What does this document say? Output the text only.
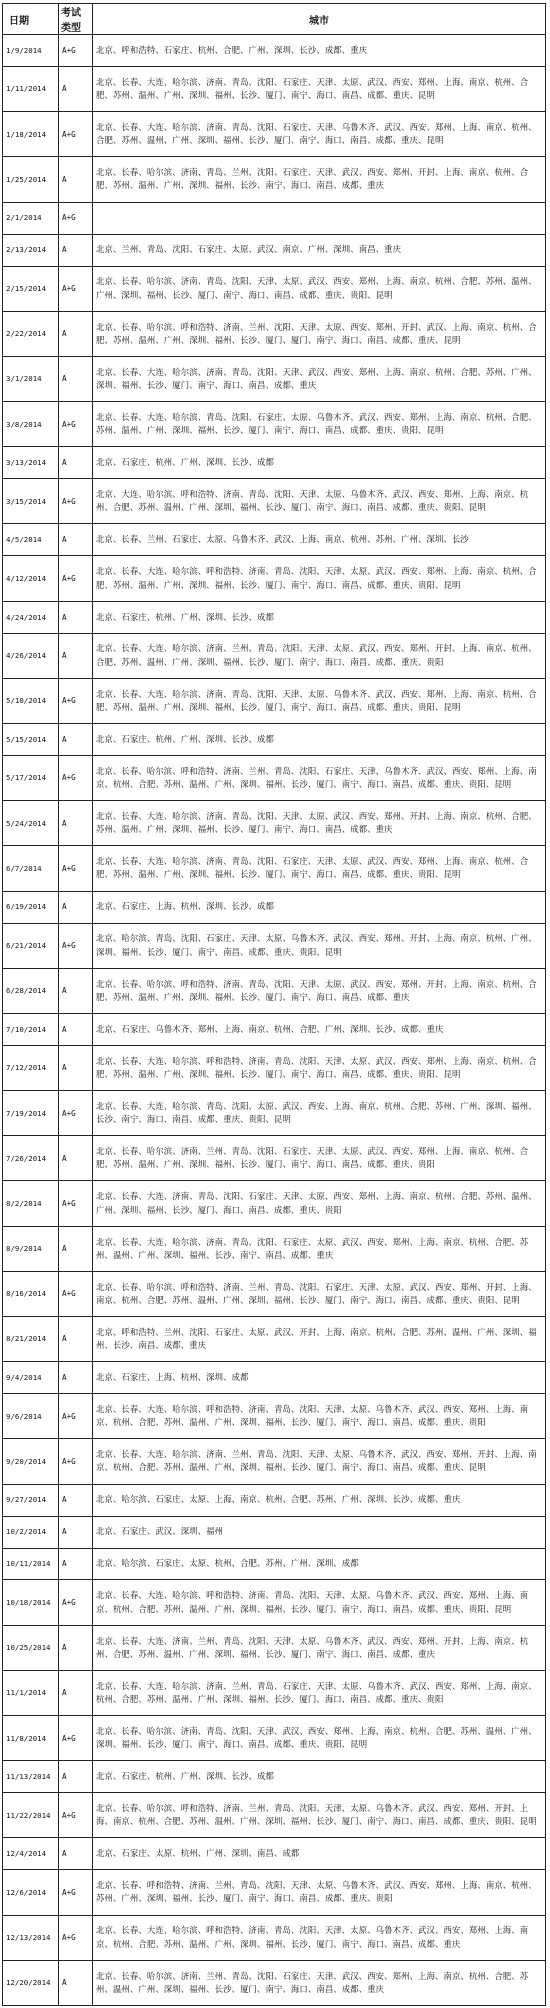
日期	考试类型	城市
1/9/2014	A+G	北京、呼和浩特、石家庄、杭州、合肥、广州、深圳、长沙、成都、重庆
1/11/2014	A	北京、长春、大连、哈尔滨、济南、青岛、沈阳、石家庄、天津、太原、武汉、西安、郑州、上海、南京、杭州、合肥、苏州、温州、广州、深圳、福州、长沙、厦门、南宁、海口、南昌、成都、重庆、昆明
1/18/2014	A+G	北京、长春、大连、哈尔滨、济南、青岛、沈阳、石家庄、天津、乌鲁木齐、武汉、西安、郑州、上海、南京、杭州、合肥、苏州、温州、广州、深圳、福州、长沙、厦门、南宁、海口、南昌、成都、重庆、昆明
1/25/2014	A	北京、长春、哈尔滨、济南、青岛、兰州、沈阳、石家庄、天津、武汉、西安、郑州、开封、上海、南京、杭州、合肥、苏州、温州、广州、深圳、福州、长沙、南宁、海口、南昌、成都、重庆
2/1/2014	A+G	
2/13/2014	A	北京、兰州、青岛、沈阳、石家庄、太原、武汉、南京、广州、深圳、南昌、重庆
2/15/2014	A+G	北京、长春、哈尔滨、济南、青岛、沈阳、天津、太原、武汉、西安、郑州、上海、南京、杭州、合肥、苏州、温州、广州、深圳、福州、长沙、厦门、南宁、海口、南昌、成都、重庆、贵阳、昆明
2/22/2014	A	北京、长春、哈尔滨、呼和浩特、济南、兰州、沈阳、天津、太原、西安、郑州、开封、武汉、上海、南京、杭州、合肥、苏州、温州、广州、深圳、福州、长沙、厦门、厦门、南宁、海口、南昌、成都、重庆、昆明
3/1/2014	A	北京、长春、大连、哈尔滨、济南、青岛、沈阳、天津、武汉、西安、郑州、上海、南京、杭州、合肥、苏州、广州、深圳、福州、长沙、厦门、南宁、海口、南昌、成都、重庆
3/8/2014	A+G	北京、长春、大连、哈尔滨、青岛、沈阳、石家庄、太原、乌鲁木齐、武汉、西安、郑州、上海、南京、杭州、合肥、苏州、温州、广州、深圳、福州、长沙、厦门、南宁、海口、南昌、成都、重庆、贵阳、昆明
3/13/2014	A	北京、石家庄、杭州、广州、深圳、长沙、成都
3/15/2014	A+G	北京、大连、哈尔滨、呼和浩特、济南、青岛、沈阳、天津、太原、乌鲁木齐、武汉、西安、郑州、上海、南京、杭州、合肥、苏州、温州、广州、深圳、福州、长沙、厦门、南宁、海口、南昌、成都、重庆、贵阳、昆明
4/5/2014	A	北京、长春、兰州、石家庄、太原、乌鲁木齐、武汉、上海、南京、杭州、苏州、广州、深圳、长沙
4/12/2014	A+G	北京、长春、大连、哈尔滨、呼和浩特、济南、青岛、沈阳、天津、太原、武汉、西安、郑州、上海、南京、杭州、合肥、苏州、温州、广州、深圳、福州、长沙、厦门、南宁、海口、南昌、成都、重庆、贵阳、昆明
4/24/2014	A	北京、石家庄、杭州、广州、深圳、长沙、成都
4/26/2014	A	北京、长春、大连、哈尔滨、济南、兰州、青岛、沈阳、天津、太原、武汉、西安、郑州、开封、上海、南京、杭州、合肥、苏州、温州、广州、深圳、福州、长沙、厦门、南宁、海口、南昌、成都、重庆、贵阳
5/10/2014	A+G	北京、长春、大连、哈尔滨、济南、青岛、沈阳、天津、太原、乌鲁木齐、武汉、西安、郑州、上海、南京、杭州、合肥、苏州、温州、广州、深圳、福州、长沙、厦门、南宁、海口、南昌、成都、重庆、贵阳、昆明
5/15/2014	A	北京、石家庄、杭州、广州、深圳、长沙、成都
5/17/2014	A+G	北京、长春、哈尔滨、呼和浩特、济南、兰州、青岛、沈阳、石家庄、天津、乌鲁木齐、武汉、西安、郑州、上海、南京、杭州、合肥、苏州、温州、广州、深圳、福州、长沙、厦门、南宁、海口、南昌、成都、重庆、贵阳、昆明
5/24/2014	A	北京、长春、大连、哈尔滨、济南、青岛、沈阳、天津、太原、武汉、西安、郑州、开封、上海、南京、杭州、合肥、苏州、温州、广州、深圳、福州、长沙、厦门、南宁、海口、南昌、成都、重庆
6/7/2014	A+G	北京、长春、大连、哈尔滨、济南、青岛、沈阳、石家庄、天津、太原、武汉、西安、郑州、上海、南京、杭州、合肥、苏州、温州、广州、深圳、福州、长沙、厦门、南宁、海口、南昌、成都、重庆、贵阳、昆明
6/19/2014	A	北京、石家庄、上海、杭州、深圳、长沙、成都
6/21/2014	A+G	北京、哈尔滨、青岛、沈阳、石家庄、天津、太原、乌鲁木齐、武汉、西安、郑州、开封、上海、南京、杭州、广州、深圳、福州、长沙、厦门、南宁、南昌、成都、重庆、贵阳、昆明
6/28/2014	A	北京、长春、哈尔滨、呼和浩特、济南、青岛、沈阳、天津、太原、武汉、西安、郑州、开封、上海、南京、杭州、合肥、苏州、温州、广州、深圳、福州、长沙、厦门、南宁、海口、南昌、成都、重庆
7/10/2014	A	北京、石家庄、乌鲁木齐、郑州、上海、南京、杭州、合肥、广州、深圳、长沙、成都、重庆
7/12/2014	A	北京、长春、大连、哈尔滨、呼和浩特、济南、青岛、沈阳、天津、太原、武汉、西安、郑州、上海、南京、杭州、合肥、苏州、温州、广州、深圳、福州、长沙、厦门、南宁、海口、南昌、成都、重庆、贵阳、昆明
7/19/2014	A+G	北京、长春、大连、哈尔滨、青岛、沈阳、太原、武汉、西安、上海、南京、杭州、合肥、苏州、广州、深圳、福州、长沙、南宁、海口、南昌、成都、重庆、贵阳、昆明
7/26/2014	A	北京、长春、哈尔滨、济南、兰州、青岛、沈阳、石家庄、天津、太原、武汉、西安、郑州、上海、南京、杭州、合肥、苏州、温州、广州、深圳、福州、长沙、厦门、南宁、海口、南昌、成都、重庆、贵阳
8/2/2014	A+G	北京、长春、大连、济南、青岛、沈阳、石家庄、天津、太原、西安、郑州、上海、南京、杭州、合肥、苏州、温州、广州、深圳、福州、长沙、厦门、海口、南昌、成都、重庆、贵阳
8/9/2014	A	北京、长春、大连、哈尔滨、济南、青岛、沈阳、石家庄、太原、武汉、西安、郑州、上海、南京、杭州、合肥、苏州、温州、广州、深圳、福州、长沙、南宁、南昌、成都、重庆
8/16/2014	A+G	北京、长春、哈尔滨、呼和浩特、济南、兰州、青岛、沈阳、石家庄、天津、太原、武汉、西安、郑州、开封、上海、南京、杭州、合肥、苏州、温州、广州、深圳、福州、长沙、厦门、南宁、海口、南昌、成都、重庆、贵阳、昆明
8/21/2014	A	北京、呼和浩特、兰州、沈阳、石家庄、太原、武汉、开封、上海、南京、杭州、合肥、苏州、温州、广州、深圳、福州、长沙、南昌、成都、重庆
9/4/2014	A	北京、石家庄、上海、杭州、深圳、成都
9/6/2014	A+G	北京、长春、大连、哈尔滨、呼和浩特、济南、青岛、沈阳、天津、太原、乌鲁木齐、武汉、西安、郑州、上海、南京、杭州、合肥、苏州、温州、广州、深圳、福州、长沙、厦门、南宁、海口、南昌、成都、重庆、贵阳
9/20/2014	A+G	北京、长春、大连、哈尔滨、济南、兰州、青岛、沈阳、天津、太原、乌鲁木齐、武汉、西安、郑州、开封、上海、南京、杭州、合肥、苏州、温州、广州、深圳、福州、长沙、厦门、南宁、海口、南昌、成都、重庆、昆明
9/27/2014	A	北京、哈尔滨、石家庄、太原、上海、南京、杭州、合肥、苏州、广州、深圳、长沙、成都、重庆
10/2/2014	A	北京、石家庄、武汉、深圳、福州
10/11/2014	A	北京、哈尔滨、石家庄、太原、杭州、合肥、苏州、广州、深圳、成都
10/18/2014	A+G	北京、长春、大连、哈尔滨、呼和浩特、济南、青岛、沈阳、天津、太原、乌鲁木齐、武汉、西安、郑州、上海、南京、杭州、合肥、苏州、温州、广州、深圳、福州、长沙、厦门、南宁、海口、南昌、成都、重庆、贵阳、昆明
10/25/2014	A	北京、长春、大连、济南、兰州、青岛、沈阳、天津、太原、乌鲁木齐、武汉、西安、郑州、开封、上海、南京、杭州、合肥、苏州、温州、广州、深圳、福州、长沙、厦门、南宁、海口、南昌、成都、重庆
11/1/2014	A	北京、长春、大连、哈尔滨、济南、兰州、青岛、石家庄、天津、太原、乌鲁木齐、武汉、西安、郑州、上海、南京、杭州、合肥、苏州、温州、广州、深圳、福州、长沙、厦门、海口、南昌、成都、重庆、贵阳
11/8/2014	A+G	北京、长春、哈尔滨、济南、青岛、沈阳、天津、武汉、西安、郑州、上海、南京、杭州、合肥、苏州、温州、广州、深圳、福州、长沙、厦门、南宁、海口、南昌、成都、重庆、贵阳、昆明
11/13/2014	A	北京、石家庄、杭州、广州、深圳、长沙、成都
11/22/2014	A+G	北京、长春、哈尔滨、呼和浩特、济南、兰州、青岛、沈阳、天津、太原、乌鲁木齐、武汉、西安、郑州、开封、上海、南京、杭州、合肥、苏州、温州、广州、深圳、福州、长沙、厦门、南宁、海口、南昌、成都、重庆、贵阳、昆明
12/4/2014	A	北京、石家庄、太原、杭州、广州、深圳、南昌、成都
12/6/2014	A+G	北京、长春、呼和浩特、济南、兰州、青岛、沈阳、天津、太原、乌鲁木齐、武汉、西安、郑州、上海、南京、杭州、苏州、广州、深圳、福州、长沙、厦门、南宁、海口、南昌、成都、重庆、贵阳
12/13/2014	A+G	北京、长春、大连、哈尔滨、呼和浩特、济南、青岛、沈阳、天津、太原、乌鲁木齐、武汉、西安、郑州、上海、南京、杭州、合肥、苏州、温州、广州、深圳、福州、长沙、厦门、南宁、海口、南昌、成都、重庆
12/20/2014	A	北京、长春、哈尔滨、济南、兰州、青岛、沈阳、石家庄、天津、武汉、西安、郑州、上海、南京、杭州、合肥、苏州、温州、广州、深圳、福州、长沙、厦门、南宁、海口、南昌、成都、重庆
